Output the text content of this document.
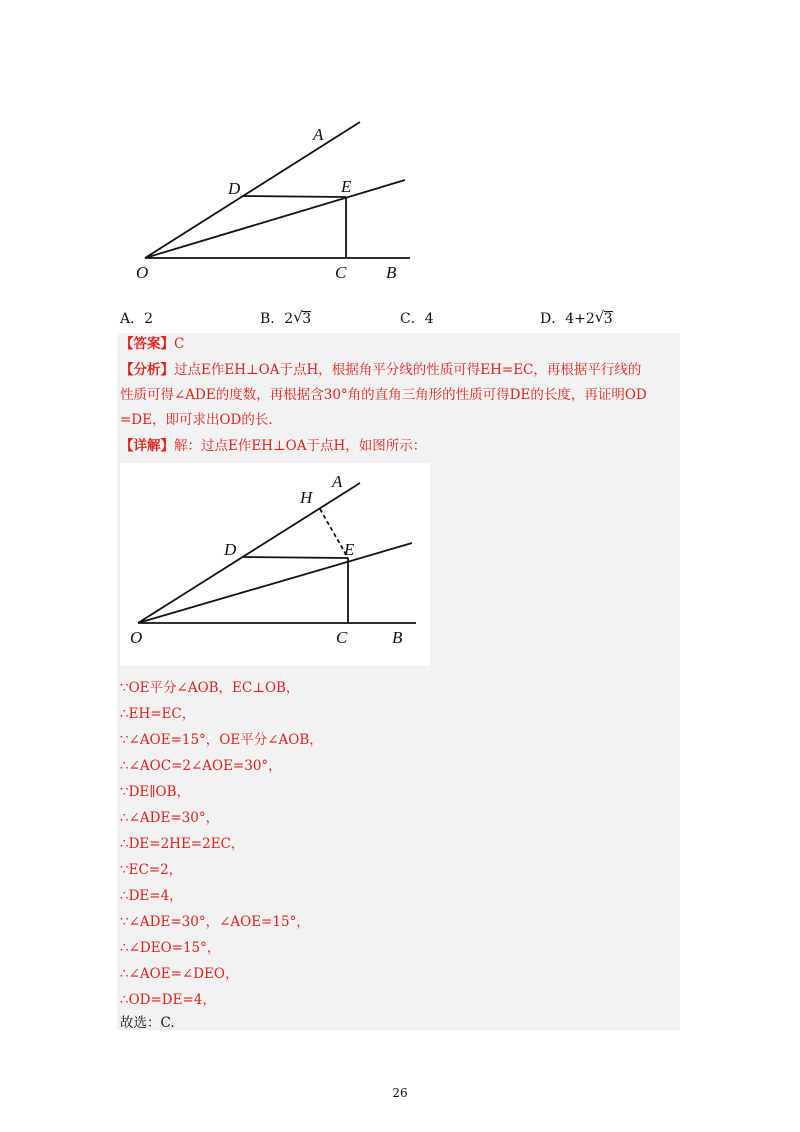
A
D	E
O	C B
A．2	B．2 √ 3	C．4	D．4+2 √ 3
【答案】C
【分析】过点E作EH⊥OA于点H，根据角平分线的性质可得EH=EC，再根据平行线的
性质可得∠ADE的度数，再根据含30°角的直角三角形的性质可得DE的长度，再证明OD
=DE，即可求出OD的长.
【详解】解：过点E作EH⊥OA于点H，如图所示：
H
A
D	E
O	C	B
∵OE平分∠AOB，EC⊥OB，
∴EH=EC，
∵∠AOE=15°，OE平分∠AOB，
∴∠AOC=2∠AOE=30°，
∵DE∥OB，
∴∠ADE=30°，
∴DE=2HE=2EC，
∵EC=2，
∴DE=4，
∵∠ADE=30°，∠AOE=15°，
∴∠DEO=15°，
∴∠AOE=∠DEO，
∴OD=DE=4，
故选：C.
26
